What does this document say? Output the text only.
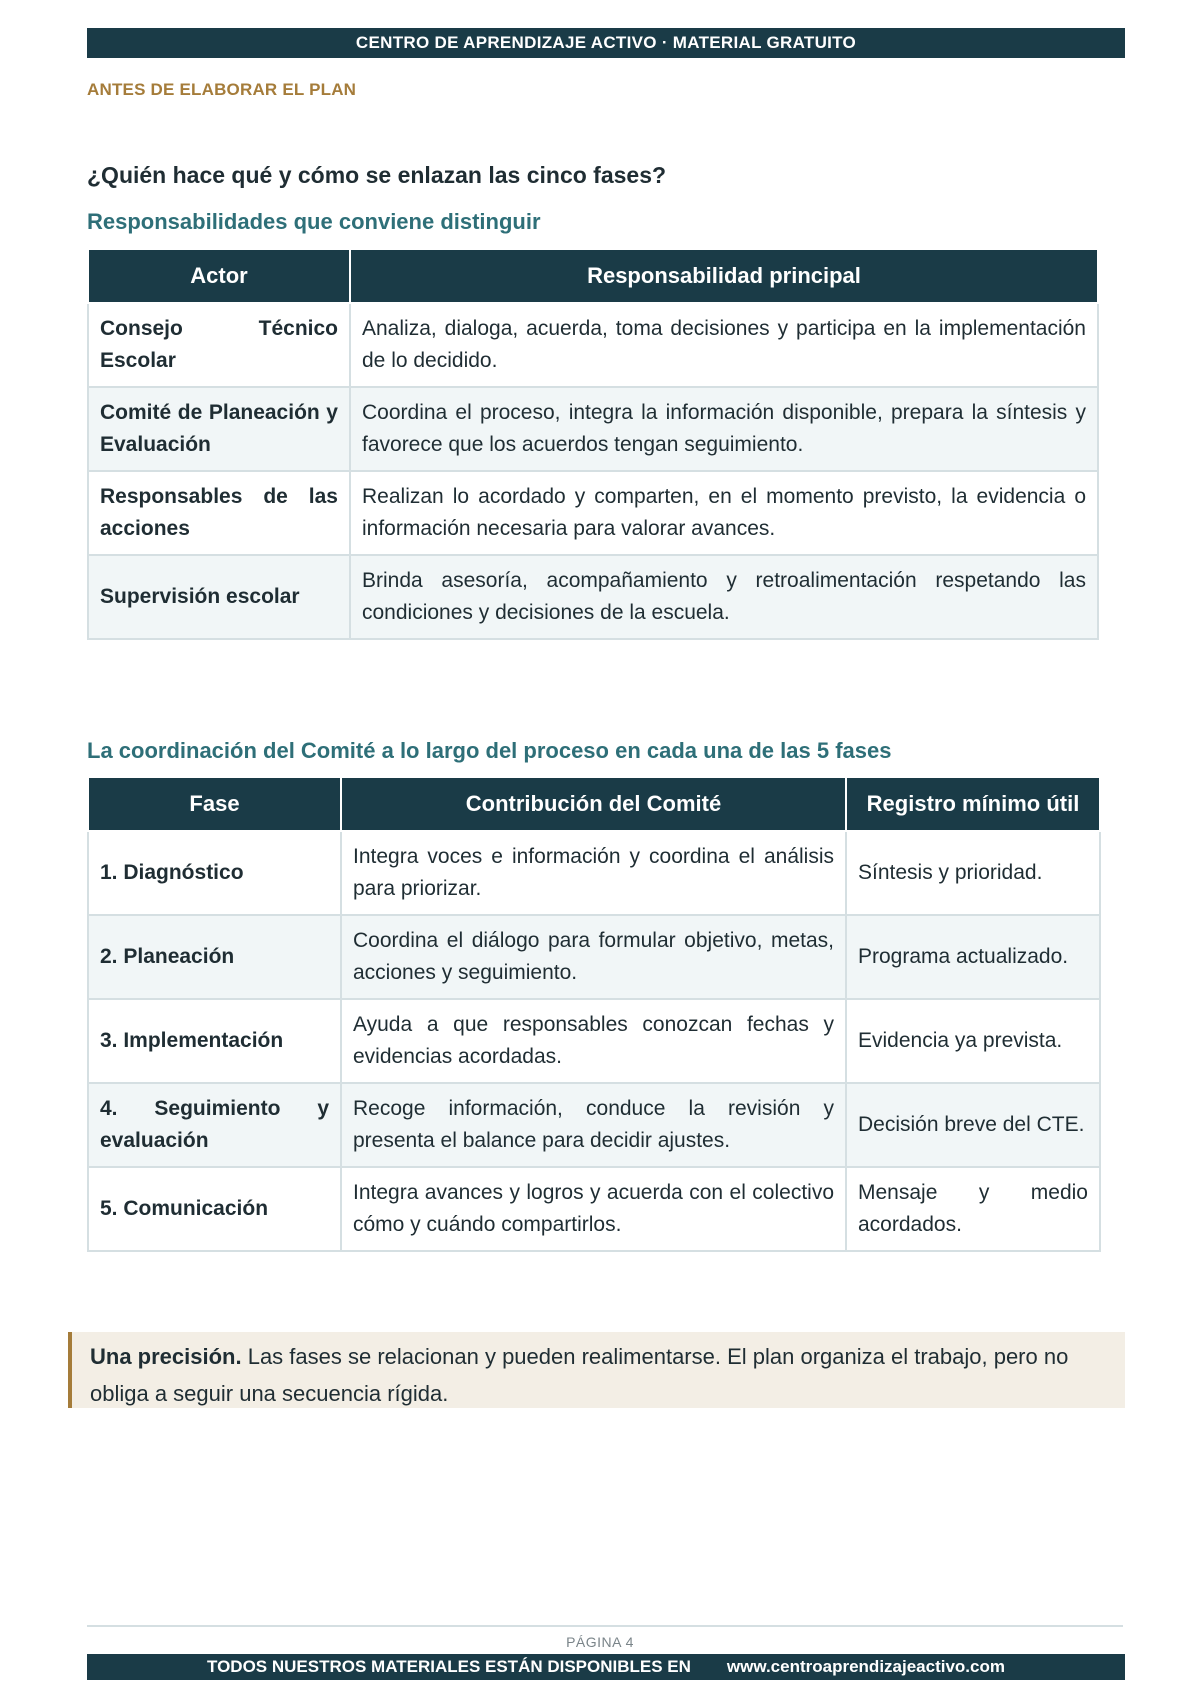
CENTRO DE APRENDIZAJE ACTIVO · MATERIAL GRATUITO
ANTES DE ELABORAR EL PLAN
¿Quién hace qué y cómo se enlazan las cinco fases?
Responsabilidades que conviene distinguir
Actor	Responsabilidad principal
Consejo Técnico Escolar	Analiza, dialoga, acuerda, toma decisiones y participa en la implementación de lo decidido.
Comité de Planeación y Evaluación	Coordina el proceso, integra la información disponible, prepara la síntesis y favorece que los acuerdos tengan seguimiento.
Responsables de las acciones	Realizan lo acordado y comparten, en el momento previsto, la evidencia o información necesaria para valorar avances.
Supervisión escolar	Brinda asesoría, acompañamiento y retroalimentación respetando las condiciones y decisiones de la escuela.
La coordinación del Comité a lo largo del proceso en cada una de las 5 fases
Fase	Contribución del Comité	Registro mínimo útil
1. Diagnóstico	Integra voces e información y coordina el análisis para priorizar.	Síntesis y prioridad.
2. Planeación	Coordina el diálogo para formular objetivo, metas, acciones y seguimiento.	Programa actualizado.
3. Implementación	Ayuda a que responsables conozcan fechas y evidencias acordadas.	Evidencia ya prevista.
4. Seguimiento y evaluación	Recoge información, conduce la revisión y presenta el balance para decidir ajustes.	Decisión breve del CTE.
5. Comunicación	Integra avances y logros y acuerda con el colectivo cómo y cuándo compartirlos.	Mensaje y medio acordados.
Una precisión. Las fases se relacionan y pueden realimentarse. El plan organiza el trabajo, pero no obliga a seguir una secuencia rígida.
PÁGINA 4
TODOS NUESTROS MATERIALES ESTÁN DISPONIBLES EN www.centroaprendizajeactivo.com
